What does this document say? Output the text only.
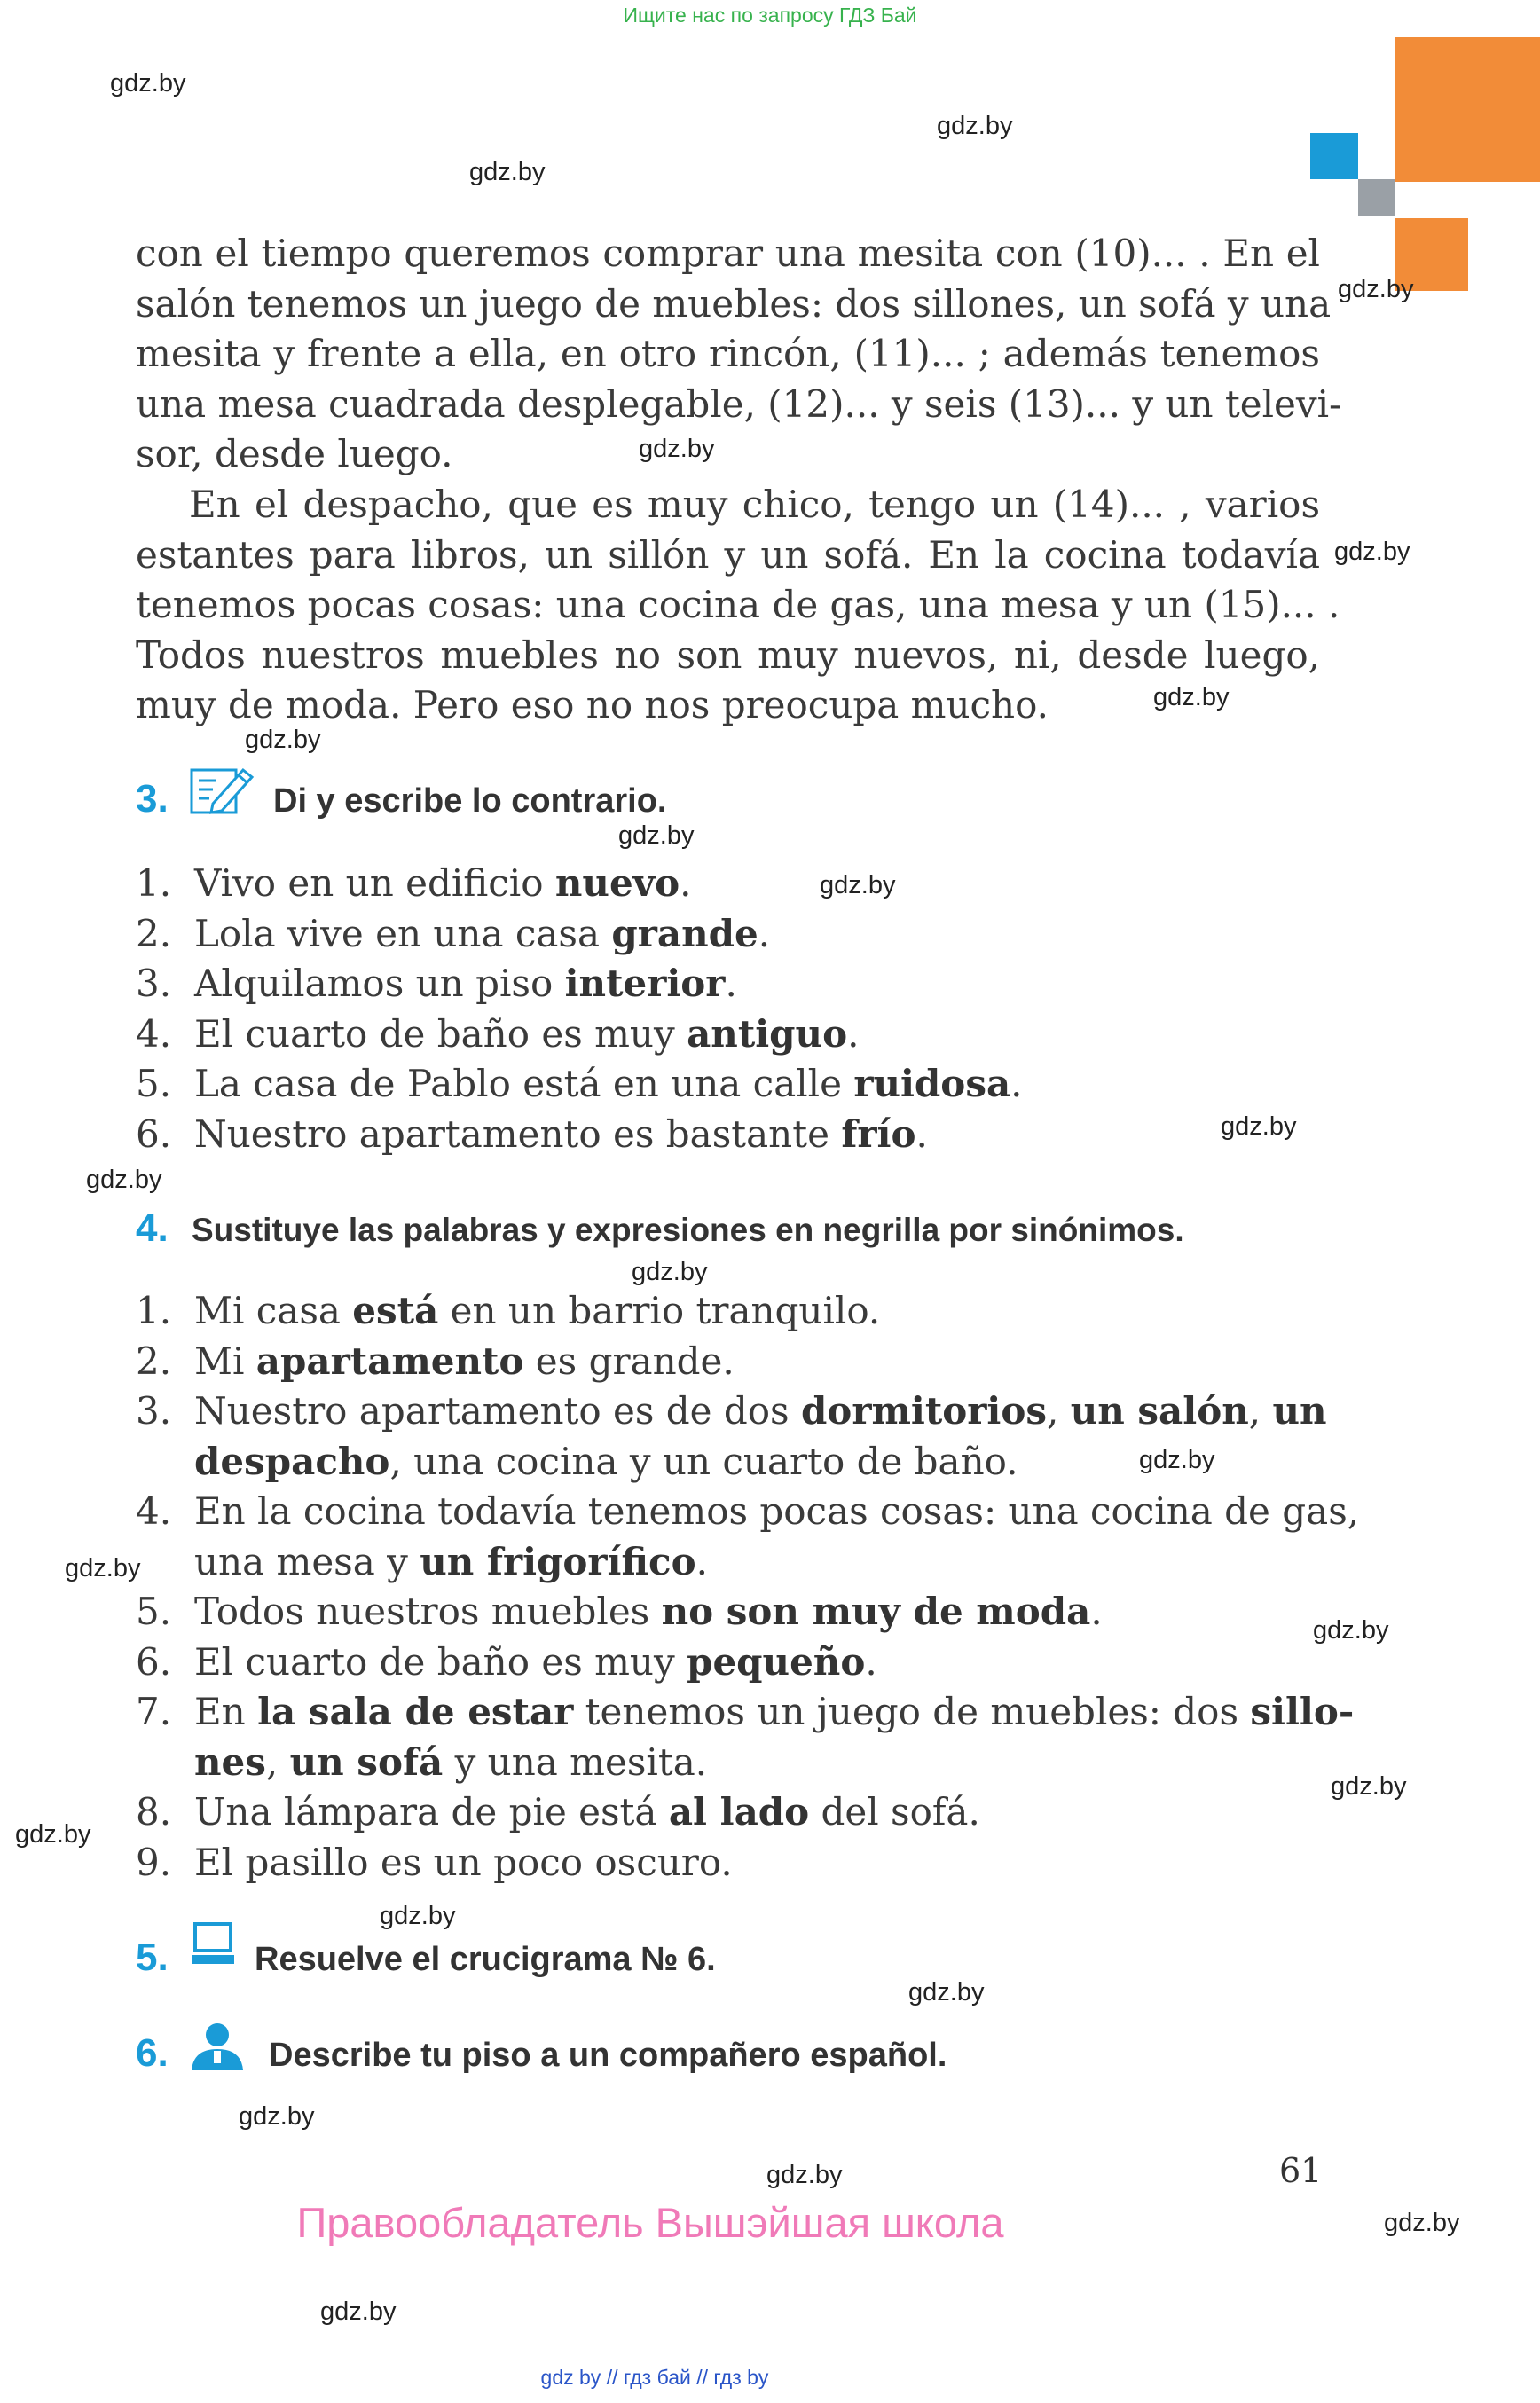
Ищите нас по запросу ГДЗ Бай
gdz.by
gdz.by
gdz.by
gdz.by
gdz.by
gdz.by
gdz.by
gdz.by
gdz.by
gdz.by
gdz.by
gdz.by
gdz.by
gdz.by
gdz.by
gdz.by
gdz.by
gdz.by
gdz.by
gdz.by
gdz.by
gdz.by
gdz.by
gdz.by
con el tiempo queremos comprar una mesita con (10)... . En el
salón tenemos un juego de muebles: dos sillones, un sofá y una
mesita y frente a ella, en otro rincón, (11)... ; además tenemos
una mesa cuadrada desplegable, (12)... y seis (13)... y un televi-
sor, desde luego.
En el despacho, que es muy chico, tengo un (14)... , varios
estantes para libros, un sillón y un sofá. En la cocina todavía
tenemos pocas cosas: una cocina de gas, una mesa y un (15)... .
Todos nuestros muebles no son muy nuevos, ni, desde luego,
muy de moda. Pero eso no nos preocupa mucho.
3.	Di y escribe lo contrario.
1. Vivo en un edificio nuevo.
2. Lola vive en una casa grande.
3. Alquilamos un piso interior.
4. El cuarto de baño es muy antiguo.
5. La casa de Pablo está en una calle ruidosa.
6. Nuestro apartamento es bastante frío.
4. Sustituye las palabras y expresiones en negrilla por sinónimos.
1. Mi casa está en un barrio tranquilo.
2. Mi apartamento es grande.
3. Nuestro apartamento es de dos dormitorios, un salón, un
despacho, una cocina y un cuarto de baño.
4. En la cocina todavía tenemos pocas cosas: una cocina de gas,
una mesa y un frigorífico.
5. Todos nuestros muebles no son muy de moda.
6. El cuarto de baño es muy pequeño.
7. En la sala de estar tenemos un juego de muebles: dos sillo-
nes, un sofá y una mesita.
8. Una lámpara de pie está al lado del sofá.
9. El pasillo es un poco oscuro.
5.	Resuelve el crucigrama № 6.
6.	Describe tu piso a un compañero español.
61
Правообладатель Вышэйшая школа
gdz by // гдз бай // гдз by
